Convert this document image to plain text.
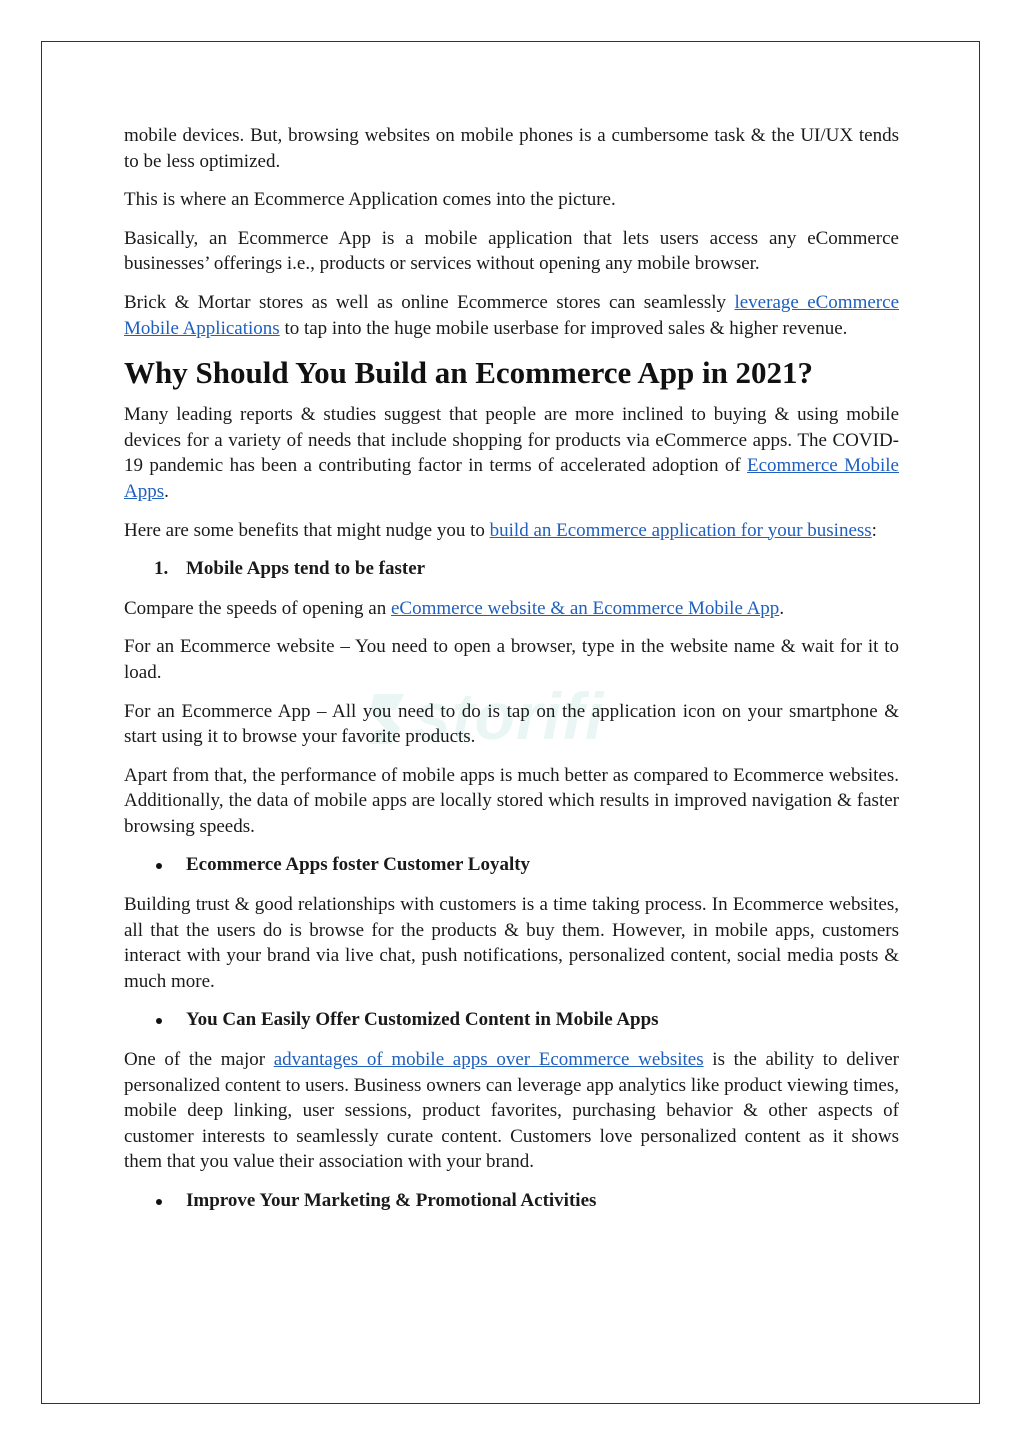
storifi

mobile devices. But, browsing websites on mobile phones is a cumbersome task & the UI/UX tends to be less optimized.

This is where an Ecommerce Application comes into the picture.

Basically, an Ecommerce App is a mobile application that lets users access any eCommerce businesses’ offerings i.e., products or services without opening any mobile browser.

Brick & Mortar stores as well as online Ecommerce stores can seamlessly leverage eCommerce Mobile Applications to tap into the huge mobile userbase for improved sales & higher revenue.

Why Should You Build an Ecommerce App in 2021?

Many leading reports & studies suggest that people are more inclined to buying & using mobile devices for a variety of needs that include shopping for products via eCommerce apps. The COVID-19 pandemic has been a contributing factor in terms of accelerated adoption of Ecommerce Mobile Apps.

Here are some benefits that might nudge you to build an Ecommerce application for your business:

1. Mobile Apps tend to be faster

Compare the speeds of opening an eCommerce website & an Ecommerce Mobile App.

For an Ecommerce website – You need to open a browser, type in the website name & wait for it to load.

For an Ecommerce App – All you need to do is tap on the application icon on your smartphone & start using it to browse your favorite products.

Apart from that, the performance of mobile apps is much better as compared to Ecommerce websites. Additionally, the data of mobile apps are locally stored which results in improved navigation & faster browsing speeds.

Ecommerce Apps foster Customer Loyalty

Building trust & good relationships with customers is a time taking process. In Ecommerce websites, all that the users do is browse for the products & buy them. However, in mobile apps, customers interact with your brand via live chat, push notifications, personalized content, social media posts & much more.

You Can Easily Offer Customized Content in Mobile Apps

One of the major advantages of mobile apps over Ecommerce websites is the ability to deliver personalized content to users. Business owners can leverage app analytics like product viewing times, mobile deep linking, user sessions, product favorites, purchasing behavior & other aspects of customer interests to seamlessly curate content. Customers love personalized content as it shows them that you value their association with your brand.

Improve Your Marketing & Promotional Activities
